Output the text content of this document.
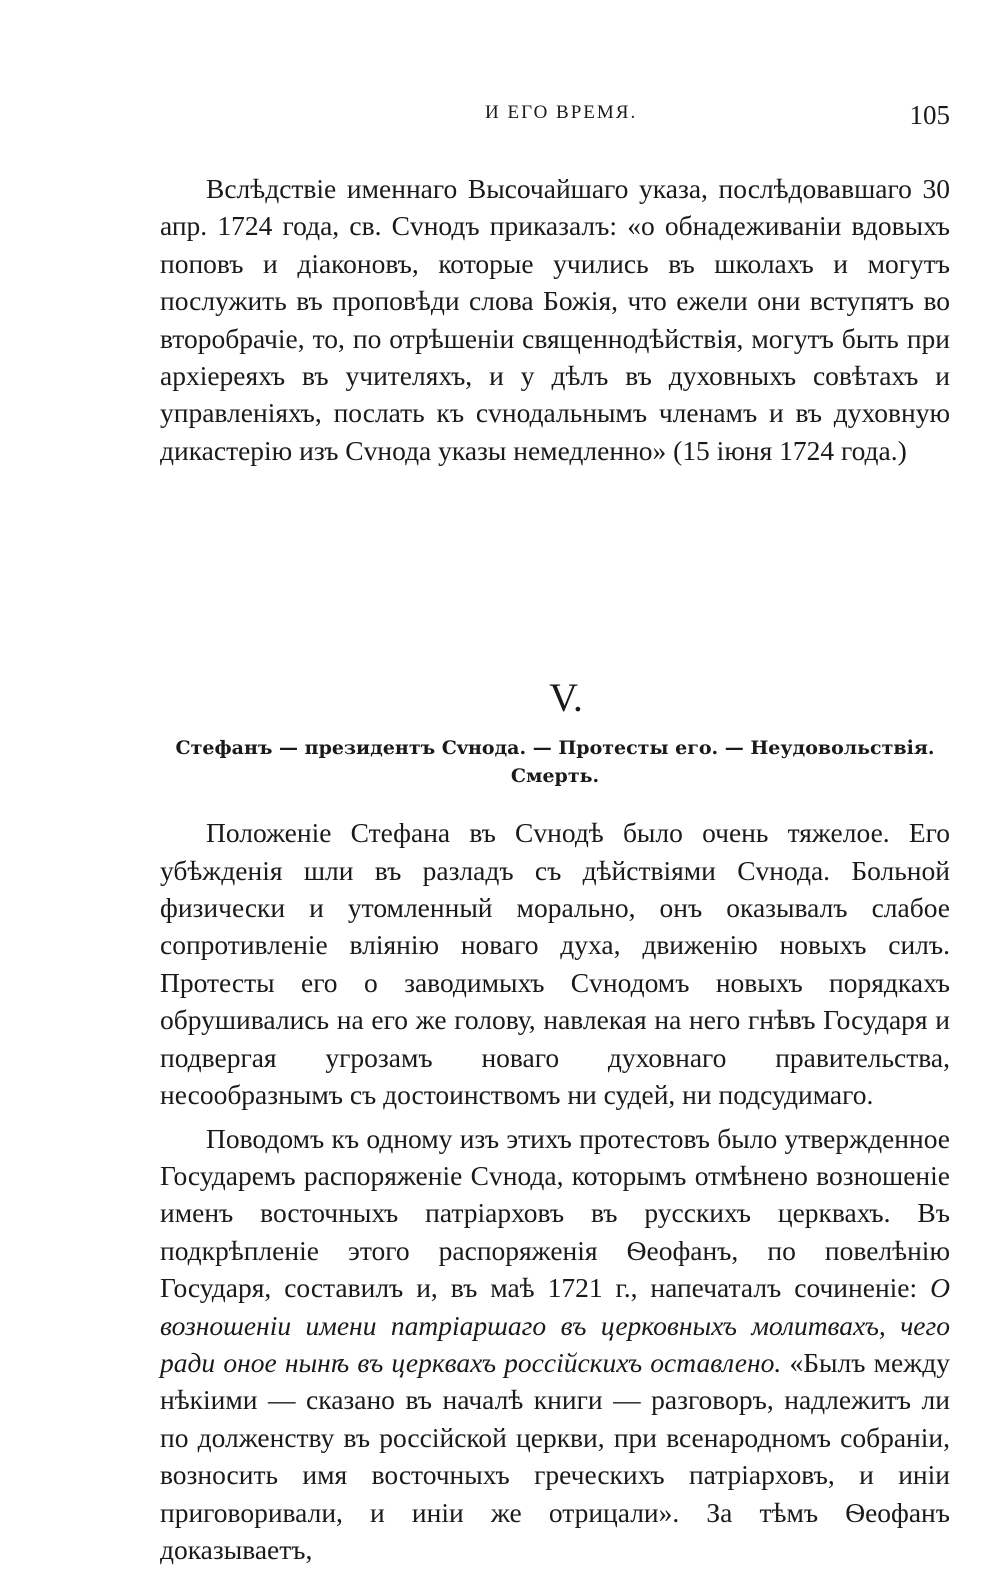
И ЕГО ВРЕМЯ.	105

Вслѣдствіе именнаго Высочайшаго указа, послѣдовавшаго 30 апр. 1724 года, св. Сvнодъ приказалъ: «о обнадеживаніи вдовыхъ поповъ и діаконовъ, которые учились въ школахъ и могутъ послужить въ проповѣди слова Божія, что ежели они вступятъ во второбрачіе, то, по отрѣшеніи священнодѣйствія, могутъ быть при архіереяхъ въ учителяхъ, и у дѣлъ въ духовныхъ совѣтахъ и управленіяхъ, послать къ сvнодальнымъ членамъ и въ духовную дикастерію изъ Сvнода указы немедленно» (15 іюня 1724 года.)

V.
Стефанъ — президентъ Сvнода. — Протесты его. — Неудовольствія.
Смерть.

Положеніе Стефана въ Сvнодѣ было очень тяжелое. Его убѣжденія шли въ разладъ съ дѣйствіями Сvнода. Больной физически и утомленный морально, онъ оказывалъ слабое сопротивленіе вліянію новаго духа, движенію новыхъ силъ. Протесты его о заводимыхъ Сvнодомъ новыхъ порядкахъ обрушивались на его же голову, навлекая на него гнѣвъ Государя и подвергая угрозамъ новаго духовнаго правительства, несообразнымъ съ достоинствомъ ни судей, ни подсудимаго.

Поводомъ къ одному изъ этихъ протестовъ было утвержденное Государемъ распоряженіе Сvнода, которымъ отмѣнено возношеніе именъ восточныхъ патріарховъ въ русскихъ церквахъ. Въ подкрѣпленіе этого распоряженія Ѳеофанъ, по повелѣнію Государя, составилъ и, въ маѣ 1721 г., напечаталъ сочиненіе: О возношеніи имени патріаршаго въ церковныхъ молитвахъ, чего ради оное нынѣ въ церквахъ россійскихъ оставлено. «Былъ между нѣкіими — сказано въ началѣ книги — разговоръ, надлежитъ ли по долженству въ россійской церкви, при всенародномъ собраніи, возносить имя восточныхъ греческихъ патріарховъ, и иніи приговоривали, и иніи же отрицали». За тѣмъ Ѳеофанъ доказываетъ,
